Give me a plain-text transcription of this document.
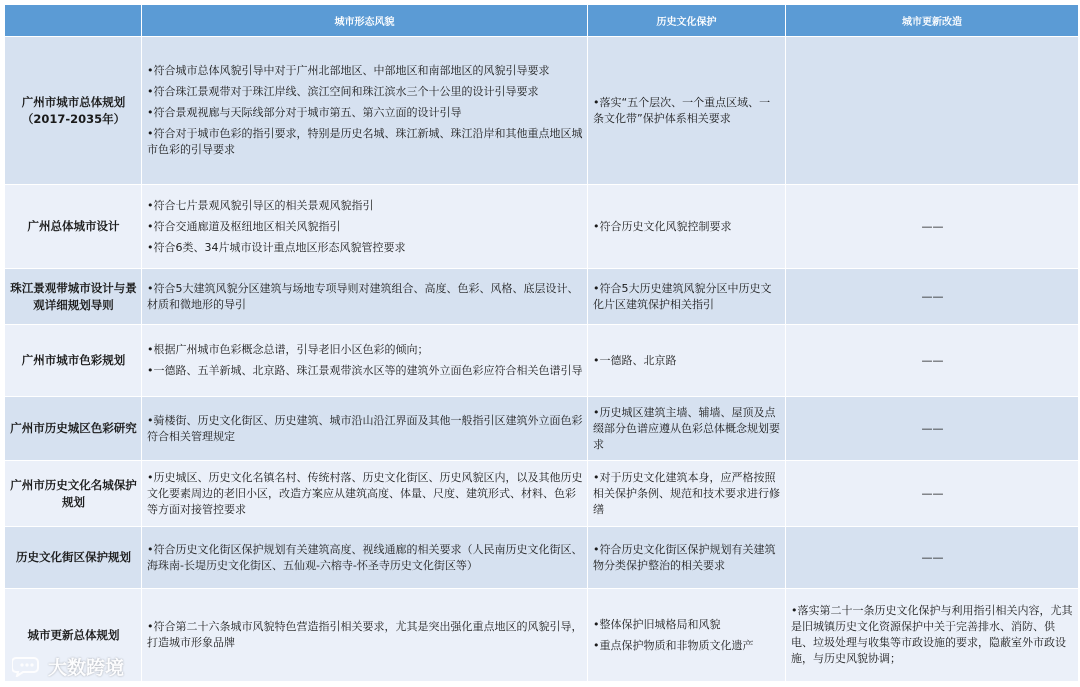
	城市形态风貌	历史文化保护	城市更新改造
广州市城市总体规划（2017-2035年）	•符合城市总体风貌引导中对于广州北部地区、中部地区和南部地区的风貌引导要求
•符合珠江景观带对于珠江岸线、滨江空间和珠江滨水三个十公里的设计引导要求
•符合景观视廊与天际线部分对于城市第五、第六立面的设计引导
•符合对于城市色彩的指引要求，特别是历史名城、珠江新城、珠江沿岸和其他重点地区城市色彩的引导要求	•落实“五个层次、一个重点区域、一条文化带”保护体系相关要求	

广州总体城市设计	•符合七片景观风貌引导区的相关景观风貌指引
•符合交通廊道及枢纽地区相关风貌指引
•符合6类、34片城市设计重点地区形态风貌管控要求	•符合历史文化风貌控制要求	——
珠江景观带城市设计与景观详细规划导则	•符合5大建筑风貌分区建筑与场地专项导则对建筑组合、高度、色彩、风格、底层设计、材质和微地形的导引	•符合5大历史建筑风貌分区中历史文化片区建筑保护相关指引	——
广州市城市色彩规划	•根据广州城市色彩概念总谱，引导老旧小区色彩的倾向；
•一德路、五羊新城、北京路、珠江景观带滨水区等的建筑外立面色彩应符合相关色谱引导	•一德路、北京路	——
广州市历史城区色彩研究	•骑楼街、历史文化街区、历史建筑、城市沿山沿江界面及其他一般指引区建筑外立面色彩符合相关管理规定	•历史城区建筑主墙、辅墙、屋顶及点缀部分色谱应遵从色彩总体概念规划要求	——
广州市历史文化名城保护规划	•历史城区、历史文化名镇名村、传统村落、历史文化街区、历史风貌区内，以及其他历史文化要素周边的老旧小区，改造方案应从建筑高度、体量、尺度、建筑形式、材料、色彩等方面对接管控要求	•对于历史文化建筑本身，应严格按照相关保护条例、规范和技术要求进行修缮	——
历史文化街区保护规划	•符合历史文化街区保护规划有关建筑高度、视线通廊的相关要求（人民南历史文化街区、海珠南-长堤历史文化街区、五仙观-六榕寺-怀圣寺历史文化街区等）	•符合历史文化街区保护规划有关建筑物分类保护整治的相关要求	——
城市更新总体规划	•符合第二十六条城市风貌特色营造指引相关要求，尤其是突出强化重点地区的风貌引导，打造城市形象品牌	•整体保护旧城格局和风貌
•重点保护物质和非物质文化遗产	•落实第二十一条历史文化保护与利用指引相关内容，尤其是旧城镇历史文化资源保护中关于完善排水、消防、供电、垃圾处理与收集等市政设施的要求，隐蔽室外市政设施，与历史风貌协调；
大数跨境
